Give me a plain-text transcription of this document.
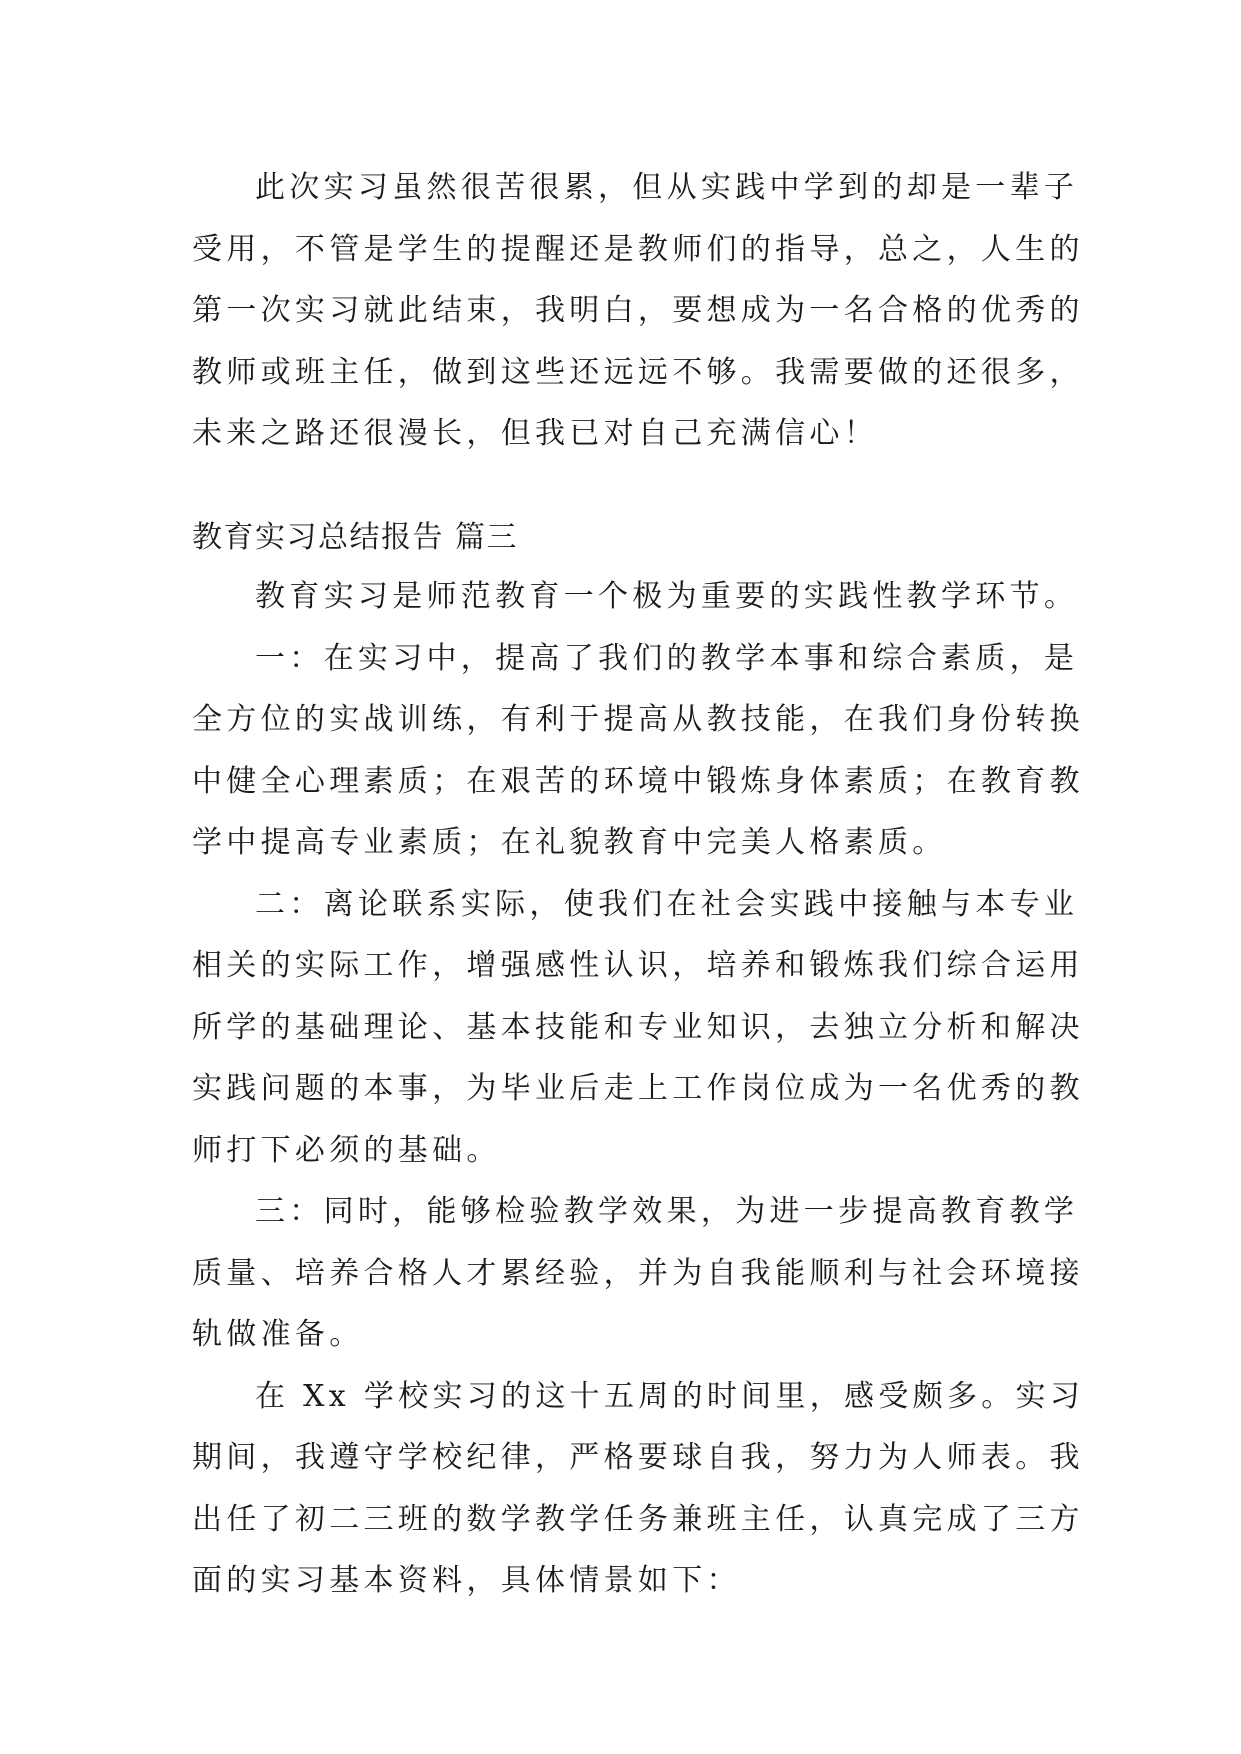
此次实习虽然很苦很累，但从实践中学到的却是一辈子
受用，不管是学生的提醒还是教师们的指导，总之，人生的
第一次实习就此结束，我明白，要想成为一名合格的优秀的
教师或班主任，做到这些还远远不够。我需要做的还很多，
未来之路还很漫长，但我已对自己充满信心！
教育实习总结报告 篇三
教育实习是师范教育一个极为重要的实践性教学环节。
一：在实习中，提高了我们的教学本事和综合素质，是
全方位的实战训练，有利于提高从教技能，在我们身份转换
中健全心理素质；在艰苦的环境中锻炼身体素质；在教育教
学中提高专业素质；在礼貌教育中完美人格素质。
二：离论联系实际，使我们在社会实践中接触与本专业
相关的实际工作，增强感性认识，培养和锻炼我们综合运用
所学的基础理论、基本技能和专业知识，去独立分析和解决
实践问题的本事，为毕业后走上工作岗位成为一名优秀的教
师打下必须的基础。
三：同时，能够检验教学效果，为进一步提高教育教学
质量、培养合格人才累经验，并为自我能顺利与社会环境接
轨做准备。
在 Xx 学校实习的这十五周的时间里，感受颇多。实习
期间，我遵守学校纪律，严格要球自我，努力为人师表。我
出任了初二三班的数学教学任务兼班主任，认真完成了三方
面的实习基本资料，具体情景如下：
